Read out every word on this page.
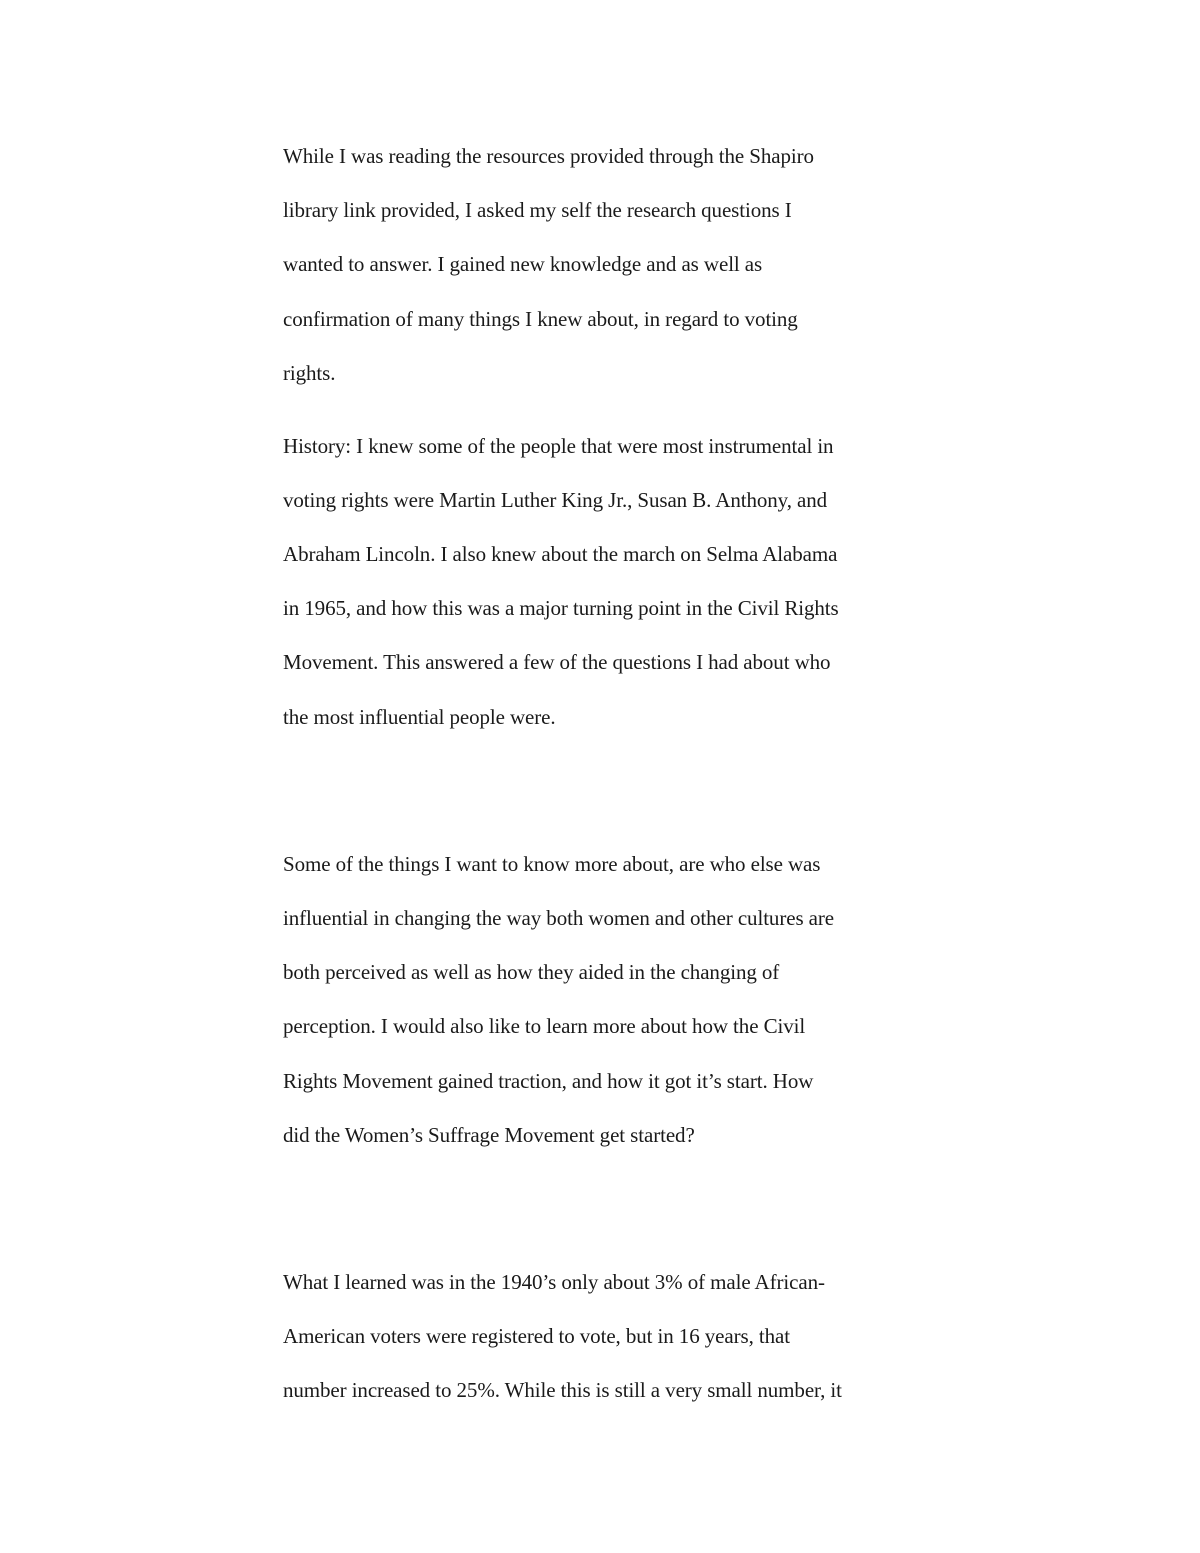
While I was reading the resources provided through the Shapiro
library link provided, I asked my self the research questions I
wanted to answer. I gained new knowledge and as well as
confirmation of many things I knew about, in regard to voting
rights.
History: I knew some of the people that were most instrumental in
voting rights were Martin Luther King Jr., Susan B. Anthony, and
Abraham Lincoln. I also knew about the march on Selma Alabama
in 1965, and how this was a major turning point in the Civil Rights
Movement. This answered a few of the questions I had about who
the most influential people were.
Some of the things I want to know more about, are who else was
influential in changing the way both women and other cultures are
both perceived as well as how they aided in the changing of
perception. I would also like to learn more about how the Civil
Rights Movement gained traction, and how it got it’s start. How
did the Women’s Suffrage Movement get started?
What I learned was in the 1940’s only about 3% of male African-
American voters were registered to vote, but in 16 years, that
number increased to 25%. While this is still a very small number, it
